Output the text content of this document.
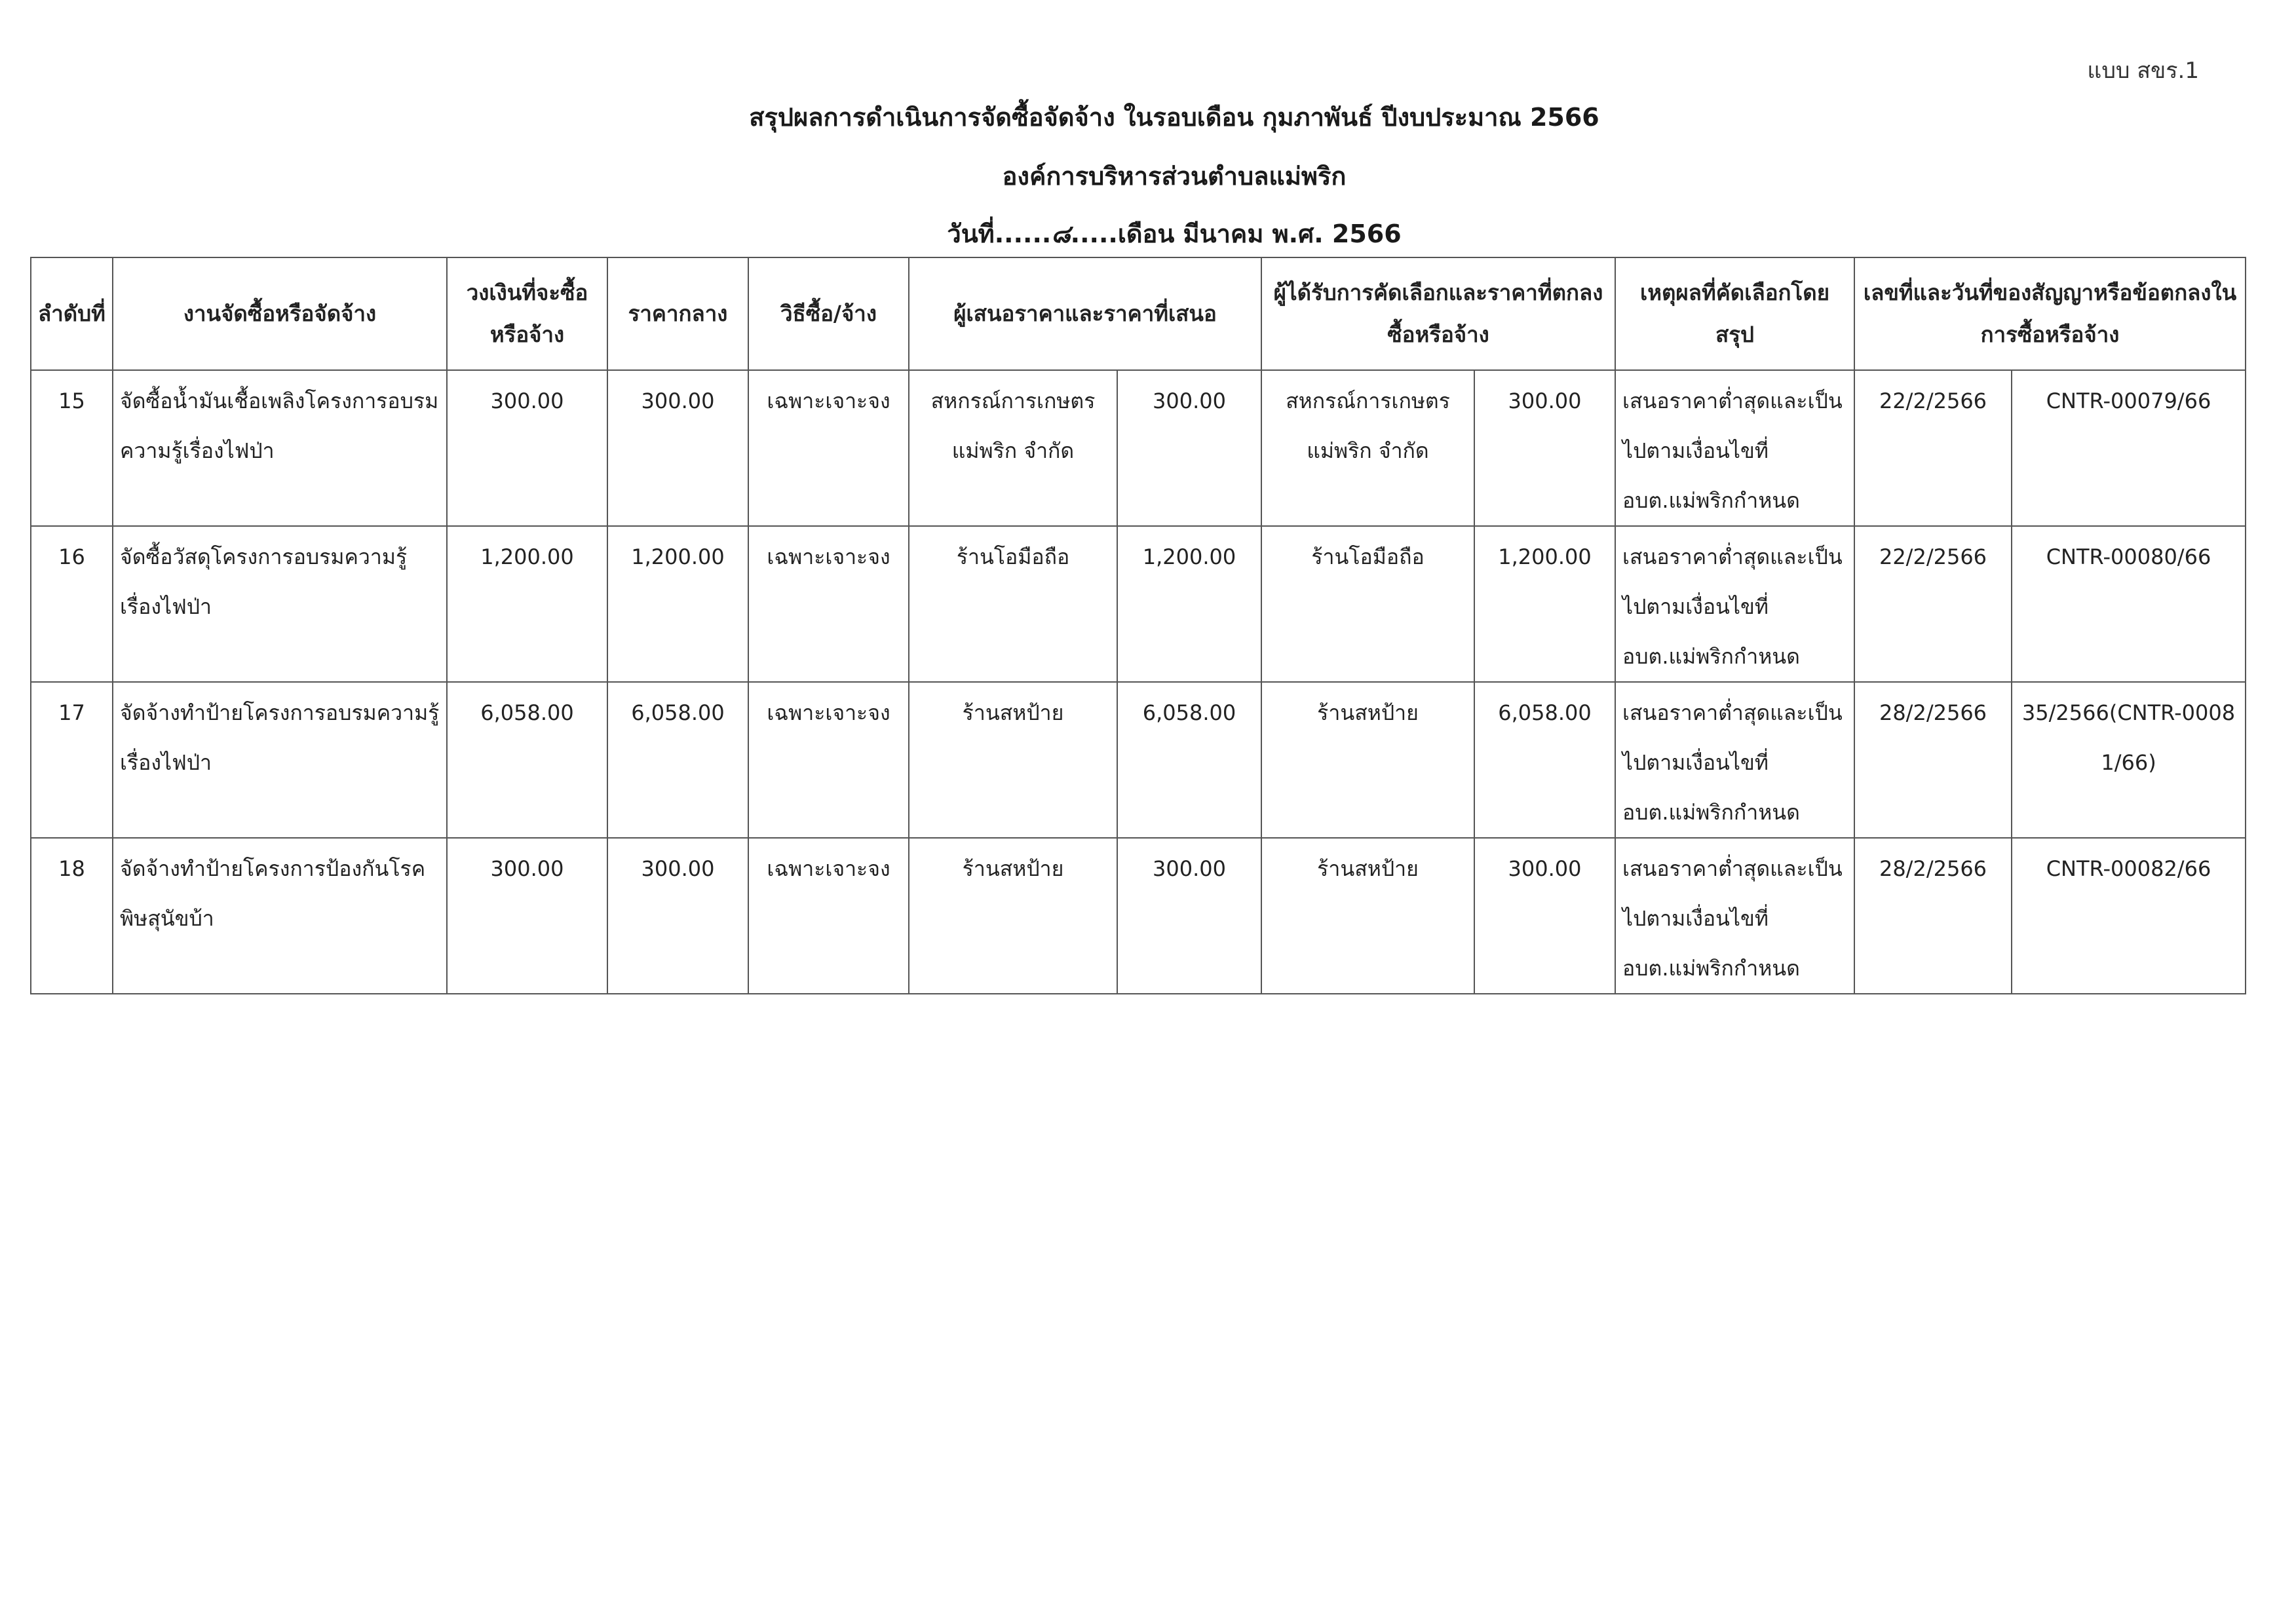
แบบ สขร.1
สรุปผลการดำเนินการจัดซื้อจัดจ้าง ในรอบเดือน กุมภาพันธ์ ปีงบประมาณ 2566
องค์การบริหารส่วนตำบลแม่พริก
วันที่......๘.....เดือน มีนาคม พ.ศ. 2566
ลำดับที่	งานจัดซื้อหรือจัดจ้าง	วงเงินที่จะซื้อหรือจ้าง	ราคากลาง	วิธีซื้อ/จ้าง	ผู้เสนอราคาและราคาที่เสนอ		ผู้ได้รับการคัดเลือกและราคาที่ตกลงซื้อหรือจ้าง		เหตุผลที่คัดเลือกโดยสรุป	เลขที่และวันที่ของสัญญาหรือข้อตกลงในการซื้อหรือจ้าง	
15	จัดซื้อน้ำมันเชื้อเพลิงโครงการอบรมความรู้เรื่องไฟป่า	300.00	300.00	เฉพาะเจาะจง	สหกรณ์การเกษตรแม่พริก จำกัด	300.00	สหกรณ์การเกษตรแม่พริก จำกัด	300.00	เสนอราคาต่ำสุดและเป็นไปตามเงื่อนไขที่อบต.แม่พริกกำหนด	22/2/2566	CNTR-00079/66
16	จัดซื้อวัสดุโครงการอบรมความรู้เรื่องไฟป่า	1,200.00	1,200.00	เฉพาะเจาะจง	ร้านโอมือถือ	1,200.00	ร้านโอมือถือ	1,200.00	เสนอราคาต่ำสุดและเป็นไปตามเงื่อนไขที่อบต.แม่พริกกำหนด	22/2/2566	CNTR-00080/66
17	จัดจ้างทำป้ายโครงการอบรมความรู้เรื่องไฟป่า	6,058.00	6,058.00	เฉพาะเจาะจง	ร้านสหป้าย	6,058.00	ร้านสหป้าย	6,058.00	เสนอราคาต่ำสุดและเป็นไปตามเงื่อนไขที่อบต.แม่พริกกำหนด	28/2/2566	35/2566(CNTR-00081/66)
18	จัดจ้างทำป้ายโครงการป้องกันโรคพิษสุนัขบ้า	300.00	300.00	เฉพาะเจาะจง	ร้านสหป้าย	300.00	ร้านสหป้าย	300.00	เสนอราคาต่ำสุดและเป็นไปตามเงื่อนไขที่อบต.แม่พริกกำหนด	28/2/2566	CNTR-00082/66
